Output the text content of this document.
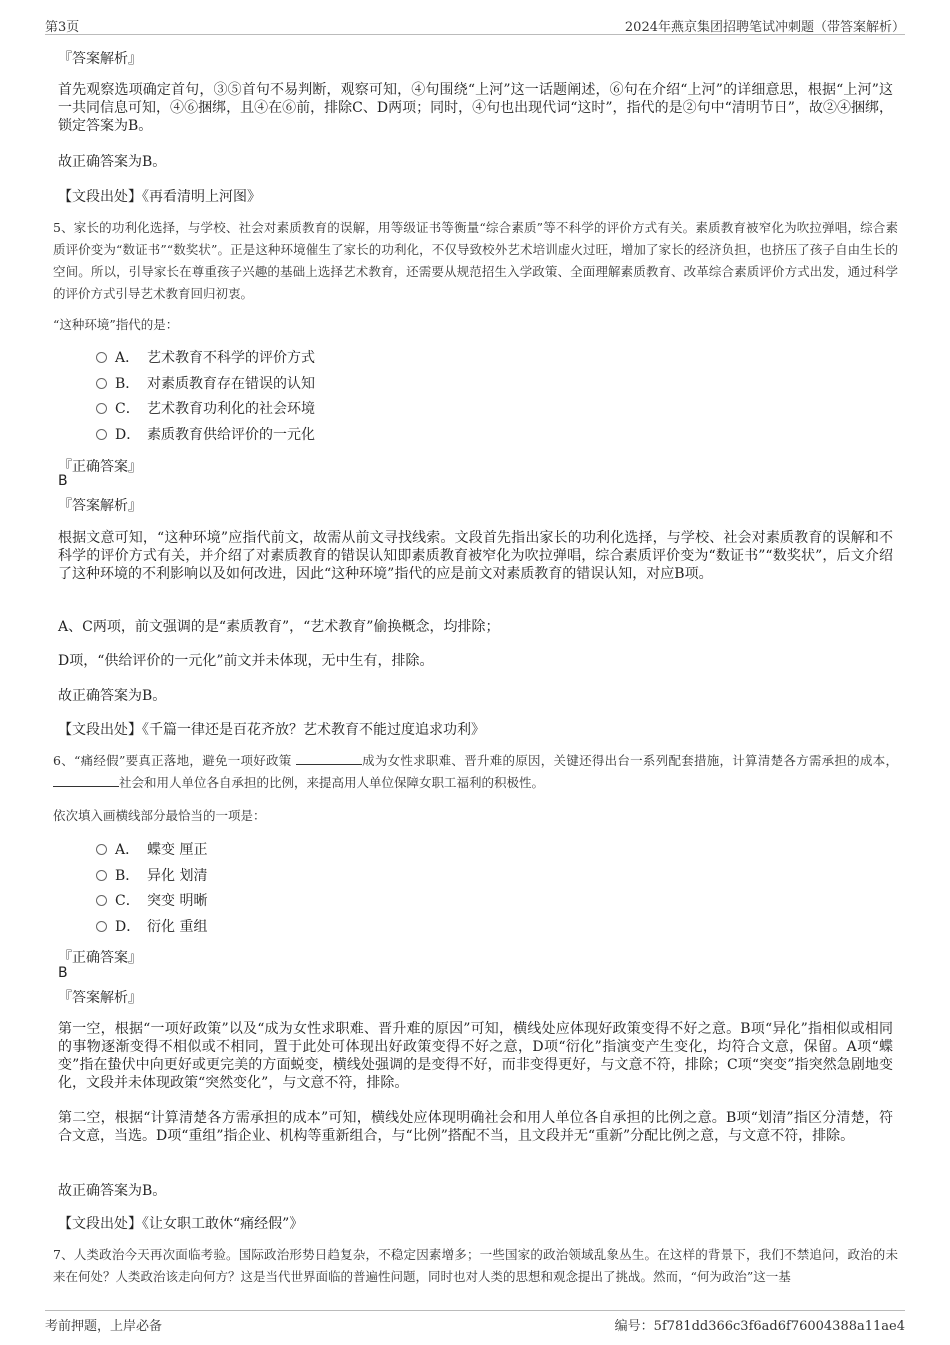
第3页	2024年燕京集团招聘笔试冲刺题（带答案解析）
『答案解析』

首先观察选项确定首句，③⑤首句不易判断，观察可知，④句围绕“上河”这一话题阐述，⑥句在介绍“上河”的详细意思，根据“上河”这一共同信息可知，④⑥捆绑，且④在⑥前，排除C、D两项；同时，④句也出现代词“这时”，指代的是②句中“清明节日”，故②④捆绑，锁定答案为B。

故正确答案为B。
【文段出处】《再看清明上河图》

5、家长的功利化选择，与学校、社会对素质教育的误解，用等级证书等衡量“综合素质”等不科学的评价方式有关。素质教育被窄化为吹拉弹唱，综合素质评价变为“数证书”“数奖状”。正是这种环境催生了家长的功利化，不仅导致校外艺术培训虚火过旺，增加了家长的经济负担，也挤压了孩子自由生长的空间。所以，引导家长在尊重孩子兴趣的基础上选择艺术教育，还需要从规范招生入学政策、全面理解素质教育、改革综合素质评价方式出发，通过科学的评价方式引导艺术教育回归初衷。

“这种环境”指代的是：
A． 艺术教育不科学的评价方式
B． 对素质教育存在错误的认知
C． 艺术教育功利化的社会环境
D． 素质教育供给评价的一元化
『正确答案』
B
『答案解析』

根据文意可知，“这种环境”应指代前文，故需从前文寻找线索。文段首先指出家长的功利化选择，与学校、社会对素质教育的误解和不科学的评价方式有关，并介绍了对素质教育的错误认知即素质教育被窄化为吹拉弹唱，综合素质评价变为“数证书”“数奖状”，后文介绍了这种环境的不利影响以及如何改进，因此“这种环境”指代的应是前文对素质教育的错误认知，对应B项。

A、C两项，前文强调的是“素质教育”，“艺术教育”偷换概念，均排除；

D项，“供给评价的一元化”前文并未体现，无中生有，排除。

故正确答案为B。
【文段出处】《千篇一律还是百花齐放？艺术教育不能过度追求功利》

6、“痛经假”要真正落地，避免一项好政策	成为女性求职难、晋升难的原因，关键还得出台一系列配套措施，计算清楚各方需承担的成本，社会和用人单位各自承担的比例，来提高用人单位保障女职工福利的积极性。

依次填入画横线部分最恰当的一项是：
A． 蝶变 厘正
B． 异化 划清
C． 突变 明晰
D． 衍化 重组
『正确答案』
B
『答案解析』

第一空，根据“一项好政策”以及“成为女性求职难、晋升难的原因”可知，横线处应体现好政策变得不好之意。B项“异化”指相似或相同的事物逐渐变得不相似或不相同，置于此处可体现出好政策变得不好之意，D项“衍化”指演变产生变化，均符合文意，保留。A项“蝶变”指在蛰伏中向更好或更完美的方面蜕变，横线处强调的是变得不好，而非变得更好，与文意不符，排除；C项“突变”指突然急剧地变化，文段并未体现政策“突然变化”，与文意不符，排除。

第二空，根据“计算清楚各方需承担的成本”可知，横线处应体现明确社会和用人单位各自承担的比例之意。B项“划清”指区分清楚，符合文意，当选。D项“重组”指企业、机构等重新组合，与“比例”搭配不当，且文段并无“重新”分配比例之意，与文意不符，排除。

故正确答案为B。
【文段出处】《让女职工敢休“痛经假”》

7、人类政治今天再次面临考验。国际政治形势日趋复杂，不稳定因素增多；一些国家的政治领域乱象丛生。在这样的背景下，我们不禁追问，政治的未来在何处？人类政治该走向何方？这是当代世界面临的普遍性问题，同时也对人类的思想和观念提出了挑战。然而，“何为政治”这一基

考前押题，上岸必备	编号：5f781dd366c3f6ad6f76004388a11ae4
